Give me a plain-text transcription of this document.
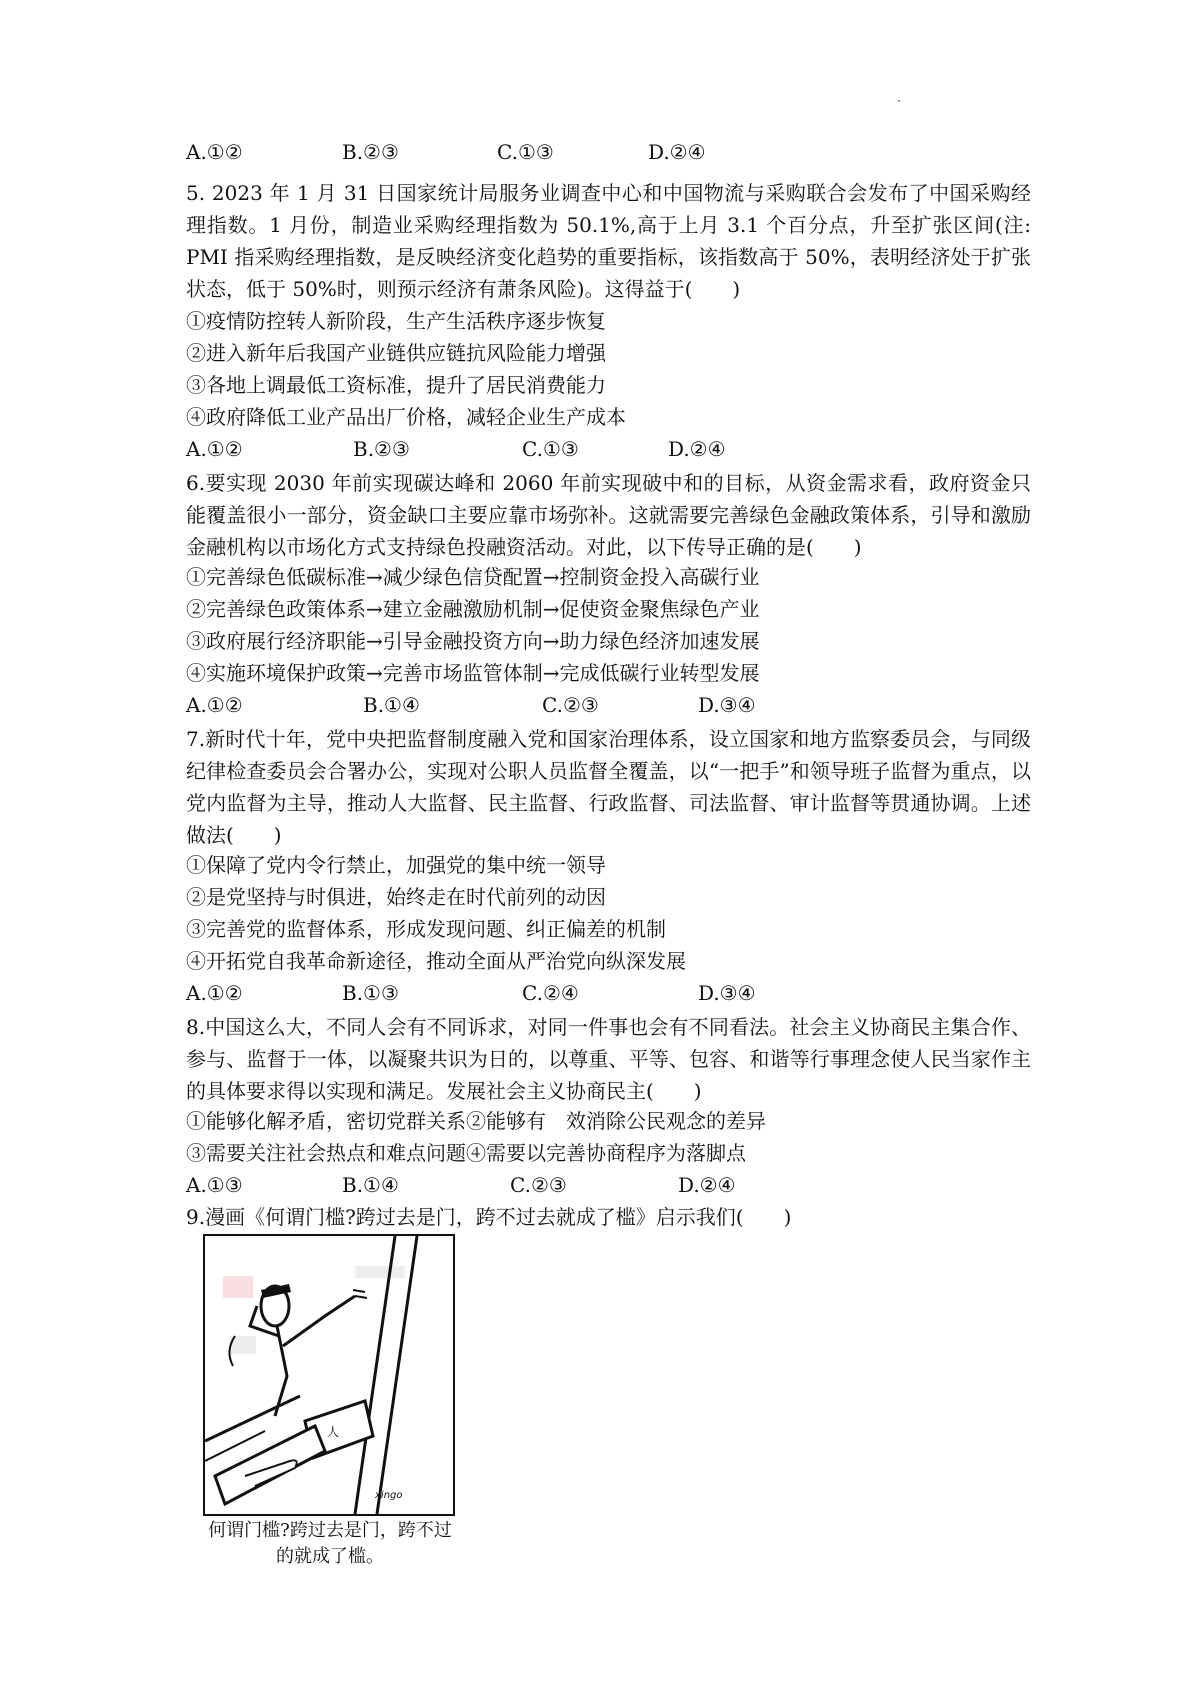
A.①②	B.②③	C.①③	D.②④
5. 2023 年 1 月 31 日国家统计局服务业调查中心和中国物流与采购联合会发布了中国采购经理指数。1 月份，制造业采购经理指数为 50.1%,高于上月 3.1 个百分点，升至扩张区间(注: PMI 指采购经理指数，是反映经济变化趋势的重要指标，该指数高于 50%，表明经济处于扩张状态，低于 50%时，则预示经济有萧条风险)。这得益于(　　)
①疫情防控转人新阶段，生产生活秩序逐步恢复
②进入新年后我国产业链供应链抗风险能力增强
③各地上调最低工资标准，提升了居民消费能力
④政府降低工业产品出厂价格，减轻企业生产成本
A.①②	B.②③	C.①③	D.②④
6.要实现 2030 年前实现碳达峰和 2060 年前实现破中和的目标，从资金需求看，政府资金只能覆盖很小一部分，资金缺口主要应靠市场弥补。这就需要完善绿色金融政策体系，引导和激励金融机构以市场化方式支持绿色投融资活动。对此，以下传导正确的是(　　)
①完善绿色低碳标准→减少绿色信贷配置→控制资金投入高碳行业
②完善绿色政策体系→建立金融激励机制→促使资金聚焦绿色产业
③政府展行经济职能→引导金融投资方向→助力绿色经济加速发展
④实施环境保护政策→完善市场监管体制→完成低碳行业转型发展
A.①②	B.①④	C.②③	D.③④
7.新时代十年，党中央把监督制度融入党和国家治理体系，设立国家和地方监察委员会，与同级纪律检查委员会合署办公，实现对公职人员监督全覆盖，以“一把手”和领导班子监督为重点，以党内监督为主导，推动人大监督、民主监督、行政监督、司法监督、审计监督等贯通协调。上述做法(　　)
①保障了党内令行禁止，加强党的集中统一领导
②是党坚持与时俱进，始终走在时代前列的动因
③完善党的监督体系，形成发现问题、纠正偏差的机制
④开拓党自我革命新途径，推动全面从严治党向纵深发展
A.①②	B.①③	C.②④	D.③④
8.中国这么大，不同人会有不同诉求，对同一件事也会有不同看法。社会主义协商民主集合作、参与、监督于一体，以凝聚共识为日的，以尊重、平等、包容、和谐等行事理念使人民当家作主的具体要求得以实现和满足。发展社会主义协商民主(　　)
①能够化解矛盾，密切党群关系②能够有　效消除公民观念的差异
③需要关注社会热点和难点问题④需要以完善协商程序为落脚点
A.①③	B.①④	C.②③	D.②④
9.漫画《何谓门槛?跨过去是门，跨不过去就成了槛》启示我们(　　)
人
xingo
何谓门槛?跨过去是门，跨不过
的就成了槛。
